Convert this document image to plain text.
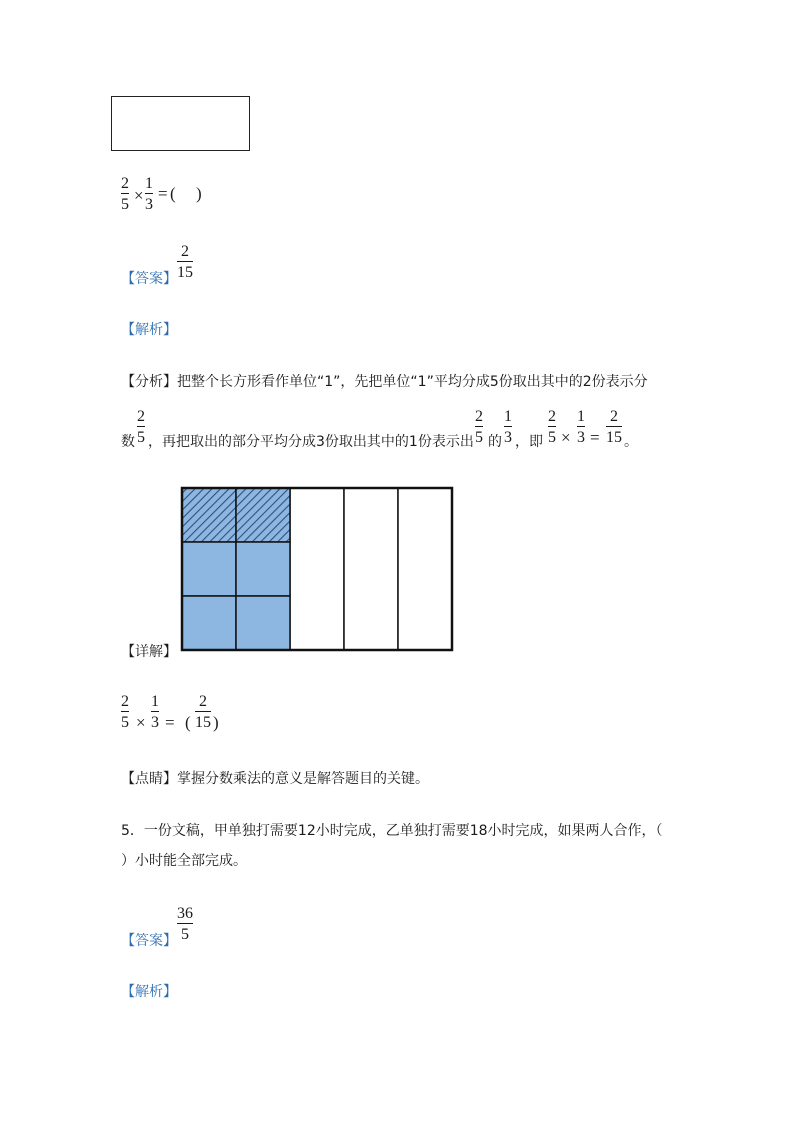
2
5 ×
1
3
= ( )
【答案】
2
15
【解析】
【分析】 把整个长方形看作单位“1”，先把单位“1”平均分成5份取出其中的2份表示分
数
2
5 ，再把取出的部分平均分成3份取出其中的1份表示出
2
5 的
1
3 ，即
2
5 ×
1
3 =
2
15 。
【详解】
2
5 ×
1
3 = (
2
15 )
【点睛】 掌握分数乘法的意义是解答题目的关键。
5．一份文稿，甲单独打需要12小时完成，乙单独打需要18小时完成，如果两人合作，（
）小时能全部完成。
【答案】
36
5
【解析】
